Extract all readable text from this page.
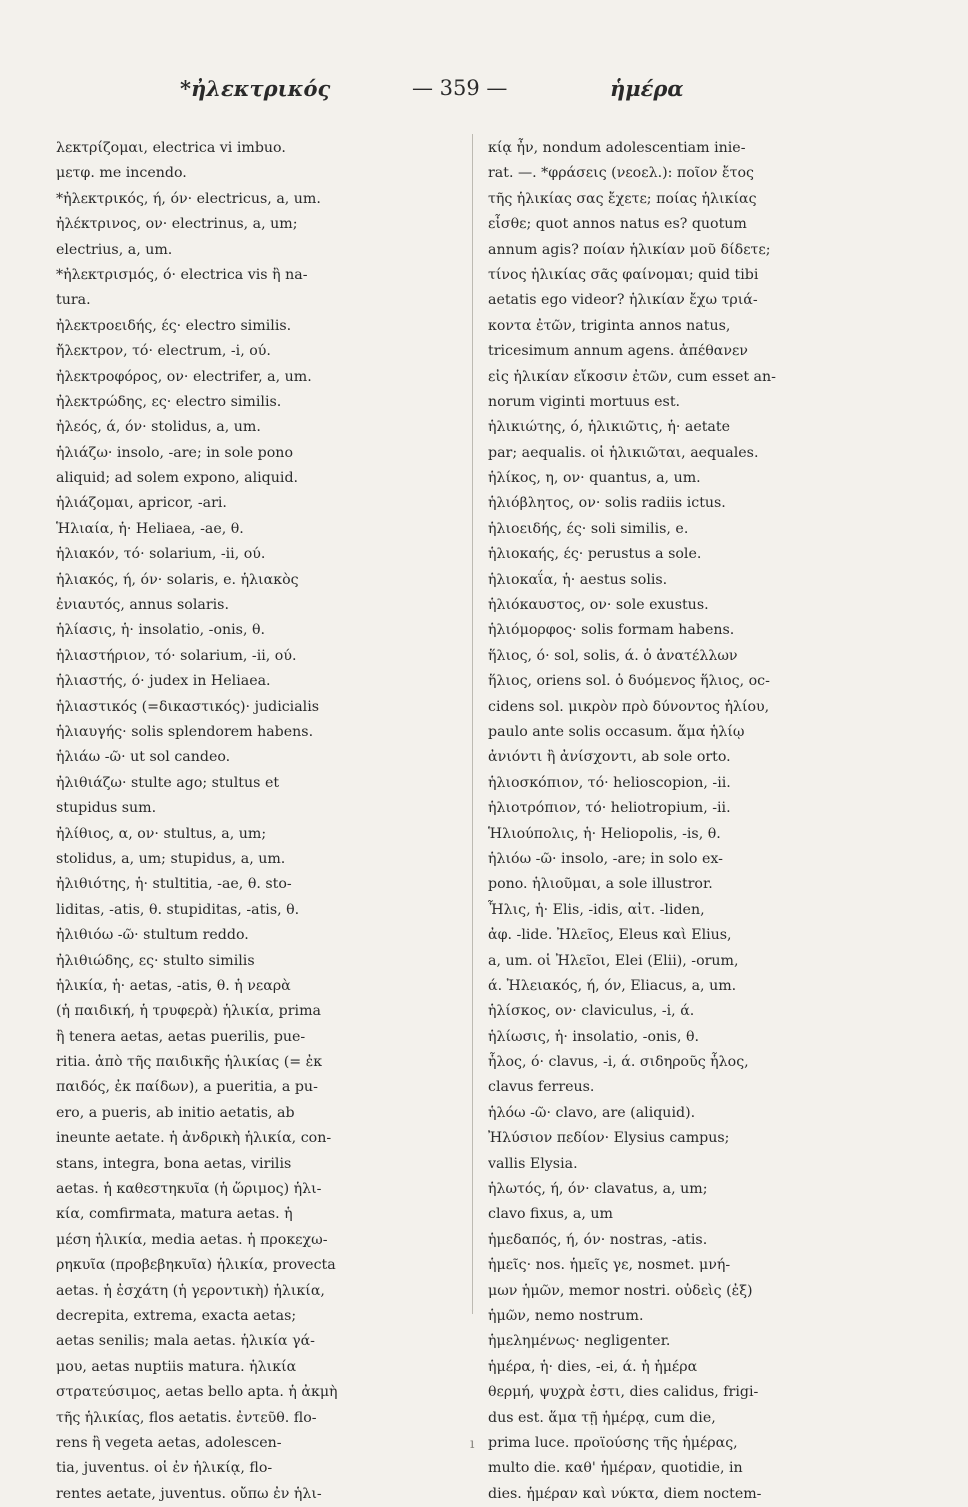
*ἠλεκτρικός	— 359 —	ἡμέρα
λεκτρίζομαι, electrica vi imbuo.
μετφ. me incendo.
*ἠλεκτρικός, ή, όν· electricus, a, um.
ἠλέκτρινος, ον· electrinus, a, um;
electrius, a, um.
*ἠλεκτρισμός, ό· electrica vis ἢ na-
tura.
ἠλεκτροειδής, ές· electro similis.
ἤλεκτρον, τό· electrum, -i, ού.
ἠλεκτροφόρος, ον· electrifer, a, um.
ἠλεκτρώδης, ες· electro similis.
ἠλεός, ά, όν· stolidus, a, um.
ἡλιάζω· insolo, -are; in sole pono
aliquid; ad solem expono, aliquid.
ἡλιάζομαι, apricor, -ari.
Ἡλιαία, ἡ· Heliaea, -ae, θ.
ἡλιακόν, τό· solarium, -ii, ού.
ἡλιακός, ή, όν· solaris, e. ἡλιακὸς
ἐνιαυτός, annus solaris.
ἡλίασις, ἡ· insolatio, -onis, θ.
ἡλιαστήριον, τό· solarium, -ii, ού.
ἡλιαστής, ό· judex in Heliaea.
ἡλιαστικός (=δικαστικός)· judicialis
ἡλιαυγής· solis splendorem habens.
ἡλιάω -ῶ· ut sol candeo.
ἠλιθιάζω· stulte ago; stultus et
stupidus sum.
ἠλίθιος, α, ον· stultus, a, um;
stolidus, a, um; stupidus, a, um.
ἠλιθιότης, ἡ· stultitia, -ae, θ. sto-
liditas, -atis, θ. stupiditas, -atis, θ.
ἠλιθιόω -ῶ· stultum reddo.
ἠλιθιώδης, ες· stulto similis
ἡλικία, ἡ· aetas, -atis, θ. ἡ νεαρὰ
(ἡ παιδική, ἡ τρυφερὰ) ἡλικία, prima
ἢ tenera aetas, aetas puerilis, pue-
ritia. ἀπὸ τῆς παιδικῆς ἡλικίας (= ἐκ
παιδός, ἐκ παίδων), a pueritia, a pu-
ero, a pueris, ab initio aetatis, ab
ineunte aetate. ἡ ἀνδρικὴ ἡλικία, con-
stans, integra, bona aetas, virilis
aetas. ἡ καθεστηκυῖα (ἡ ὥριμος) ἡλι-
κία, comfirmata, matura aetas. ἡ
μέση ἡλικία, media aetas. ἡ προκεχω-
ρηκυῖα (προβεβηκυῖα) ἡλικία, provecta
aetas. ἡ ἐσχάτη (ἡ γεροντικὴ) ἡλικία,
decrepita, extrema, exacta aetas;
aetas senilis; mala aetas. ἡλικία γά-
μου, aetas nuptiis matura. ἡλικία
στρατεύσιμος, aetas bello apta. ἡ ἀκμὴ
τῆς ἡλικίας, flos aetatis. ἐντεῦθ. flo-
rens ἢ vegeta aetas, adolescen-
tia, juventus. οἱ ἐν ἡλικίᾳ, flo-
rentes aetate, juventus. οὔπω ἐν ἡλι-
κίᾳ ἦν, nondum adolescentiam inie-
rat. —. *φράσεις (νεοελ.): ποῖον ἔτος
τῆς ἡλικίας σας ἔχετε; ποίας ἡλικίας
εἶσθε; quot annos natus es? quotum
annum agis? ποίαν ἡλικίαν μοῦ δίδετε;
τίνος ἡλικίας σᾶς φαίνομαι; quid tibi
aetatis ego videor? ἡλικίαν ἔχω τριά-
κοντα ἐτῶν, triginta annos natus,
tricesimum annum agens. ἀπέθανεν
εἰς ἡλικίαν εἴκοσιν ἐτῶν, cum esset an-
norum viginti mortuus est.
ἡλικιώτης, ό, ἡλικιῶτις, ἡ· aetate
par; aequalis. οἱ ἡλικιῶται, aequales.
ἡλίκος, η, ον· quantus, a, um.
ἡλιόβλητος, ον· solis radiis ictus.
ἡλιοειδής, ές· soli similis, e.
ἡλιοκαής, ές· perustus a sole.
ἡλιοκαΐα, ἡ· aestus solis.
ἡλιόκαυστος, ον· sole exustus.
ἡλιόμορφος· solis formam habens.
ἥλιος, ό· sol, solis, ά. ὁ ἀνατέλλων
ἥλιος, oriens sol. ὁ δυόμενος ἥλιος, oc-
cidens sol. μικρὸν πρὸ δύνοντος ἡλίου,
paulo ante solis occasum. ἅμα ἡλίῳ
ἀνιόντι ἢ ἀνίσχοντι, ab sole orto.
ἡλιοσκόπιον, τό· helioscopion, -ii.
ἡλιοτρόπιον, τό· heliotropium, -ii.
Ἡλιούπολις, ἡ· Heliopolis, -is, θ.
ἡλιόω -ῶ· insolo, -are; in solo ex-
pono. ἡλιοῦμαι, a sole illustror.
Ἦλις, ἡ· Elis, -idis, αἰτ. -liden,
ἀφ. -lide. Ἠλεῖος, Eleus καὶ Elius,
a, um. οἱ Ἠλεῖοι, Elei (Elii), -orum,
ά. Ἠλειακός, ή, όν, Eliacus, a, um.
ἡλίσκος, ον· claviculus, -i, ά.
ἡλίωσις, ἡ· insolatio, -onis, θ.
ἧλος, ό· clavus, -i, ά. σιδηροῦς ἧλος,
clavus ferreus.
ἡλόω -ῶ· clavo, are (aliquid).
Ἠλύσιον πεδίον· Elysius campus;
vallis Elysia.
ἡλωτός, ή, όν· clavatus, a, um;
clavo fixus, a, um
ἡμεδαπός, ή, όν· nostras, -atis.
ἡμεῖς· nos. ἡμεῖς γε, nosmet. μνή-
μων ἡμῶν, memor nostri. οὐδεὶς (ἐξ)
ἡμῶν, nemo nostrum.
ἡμελημένως· negligenter.
ἡμέρα, ἡ· dies, -ei, ά. ἡ ἡμέρα
θερμή, ψυχρὰ ἐστι, dies calidus, frigi-
dus est. ἅμα τῇ ἡμέρᾳ, cum die,
prima luce. προϊούσης τῆς ἡμέρας,
multo die. καθ' ἡμέραν, quotidie, in
dies. ἡμέραν καὶ νύκτα, diem noctem-
ı
